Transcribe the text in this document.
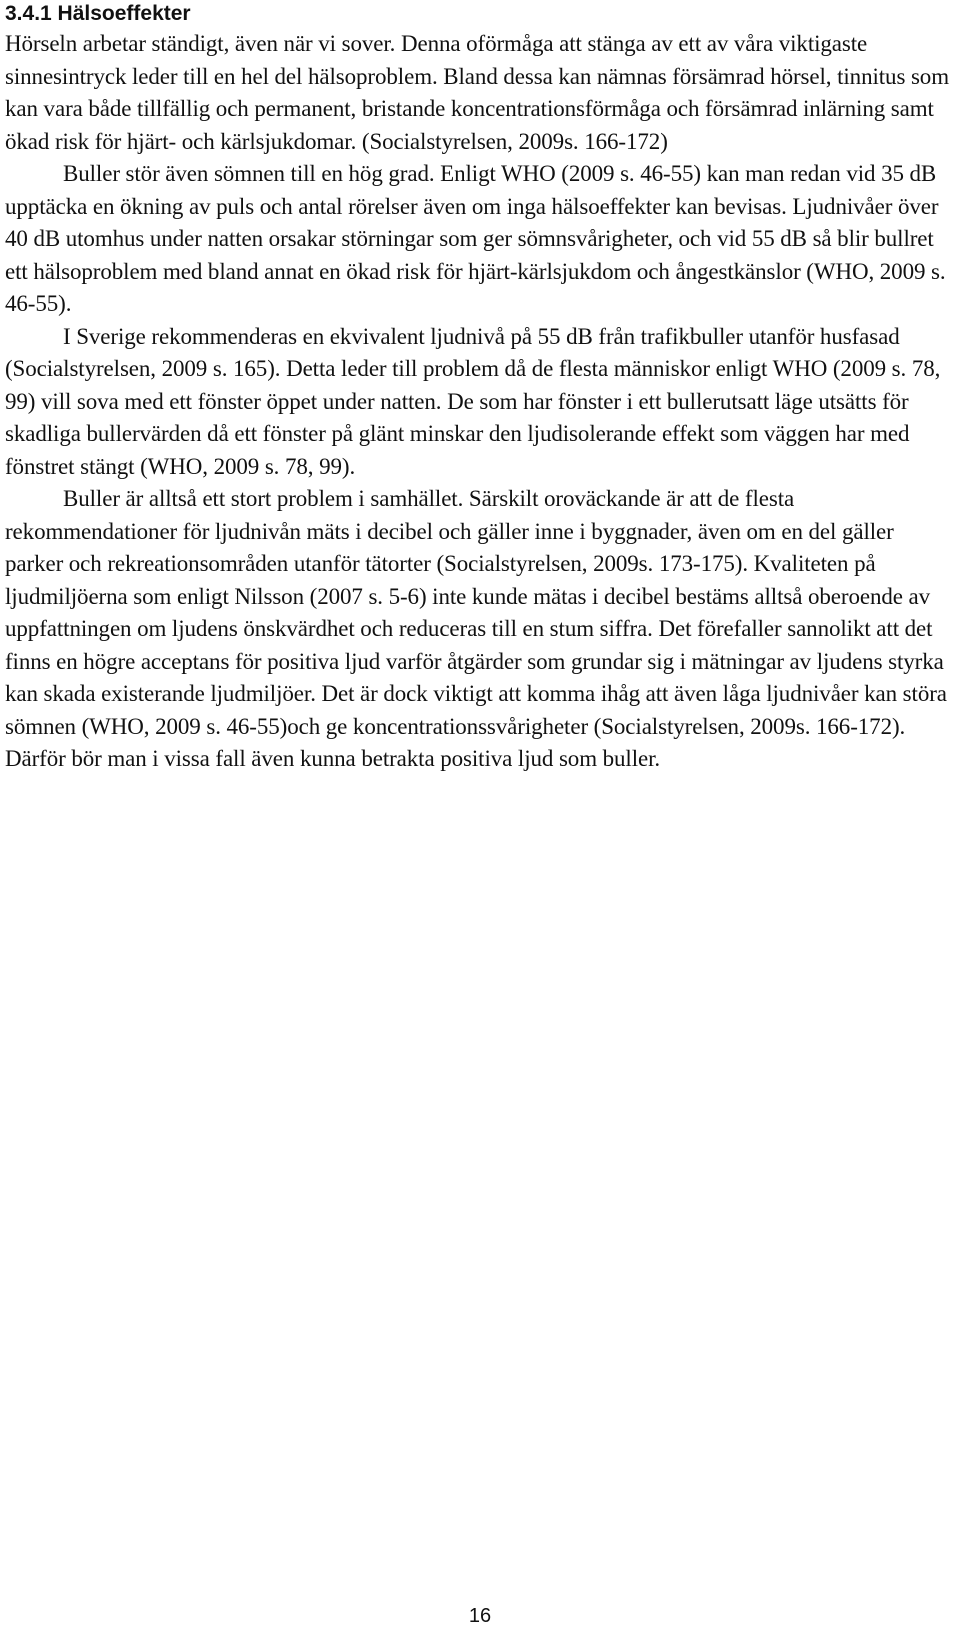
3.4.1 Hälsoeffekter

Hörseln arbetar ständigt, även när vi sover. Denna oförmåga att stänga av ett av våra viktigaste sinnesintryck leder till en hel del hälsoproblem. Bland dessa kan nämnas försämrad hörsel, tinnitus som kan vara både tillfällig och permanent, bristande koncentrationsförmåga och försämrad inlärning samt ökad risk för hjärt- och kärlsjukdomar. (Socialstyrelsen, 2009s. 166-172)

Buller stör även sömnen till en hög grad. Enligt WHO (2009 s. 46-55) kan man redan vid 35 dB upptäcka en ökning av puls och antal rörelser även om inga hälsoeffekter kan bevisas. Ljudnivåer över 40 dB utomhus under natten orsakar störningar som ger sömnsvårigheter, och vid 55 dB så blir bullret ett hälsoproblem med bland annat en ökad risk för hjärt-kärlsjukdom och ångestkänslor (WHO, 2009 s. 46-55).

I Sverige rekommenderas en ekvivalent ljudnivå på 55 dB från trafikbuller utanför husfasad (Socialstyrelsen, 2009 s. 165). Detta leder till problem då de flesta människor enligt WHO (2009 s. 78, 99) vill sova med ett fönster öppet under natten. De som har fönster i ett bullerutsatt läge utsätts för skadliga bullervärden då ett fönster på glänt minskar den ljudisolerande effekt som väggen har med fönstret stängt (WHO, 2009 s. 78, 99).

Buller är alltså ett stort problem i samhället. Särskilt oroväckande är att de flesta rekommendationer för ljudnivån mäts i decibel och gäller inne i byggnader, även om en del gäller parker och rekreationsområden utanför tätorter (Socialstyrelsen, 2009s. 173-175). Kvaliteten på ljudmiljöerna som enligt Nilsson (2007 s. 5-6) inte kunde mätas i decibel bestäms alltså oberoende av uppfattningen om ljudens önskvärdhet och reduceras till en stum siffra. Det förefaller sannolikt att det finns en högre acceptans för positiva ljud varför åtgärder som grundar sig i mätningar av ljudens styrka kan skada existerande ljudmiljöer. Det är dock viktigt att komma ihåg att även låga ljudnivåer kan störa sömnen (WHO, 2009 s. 46-55)och ge koncentrationssvårigheter (Socialstyrelsen, 2009s. 166-172). Därför bör man i vissa fall även kunna betrakta positiva ljud som buller.

16
